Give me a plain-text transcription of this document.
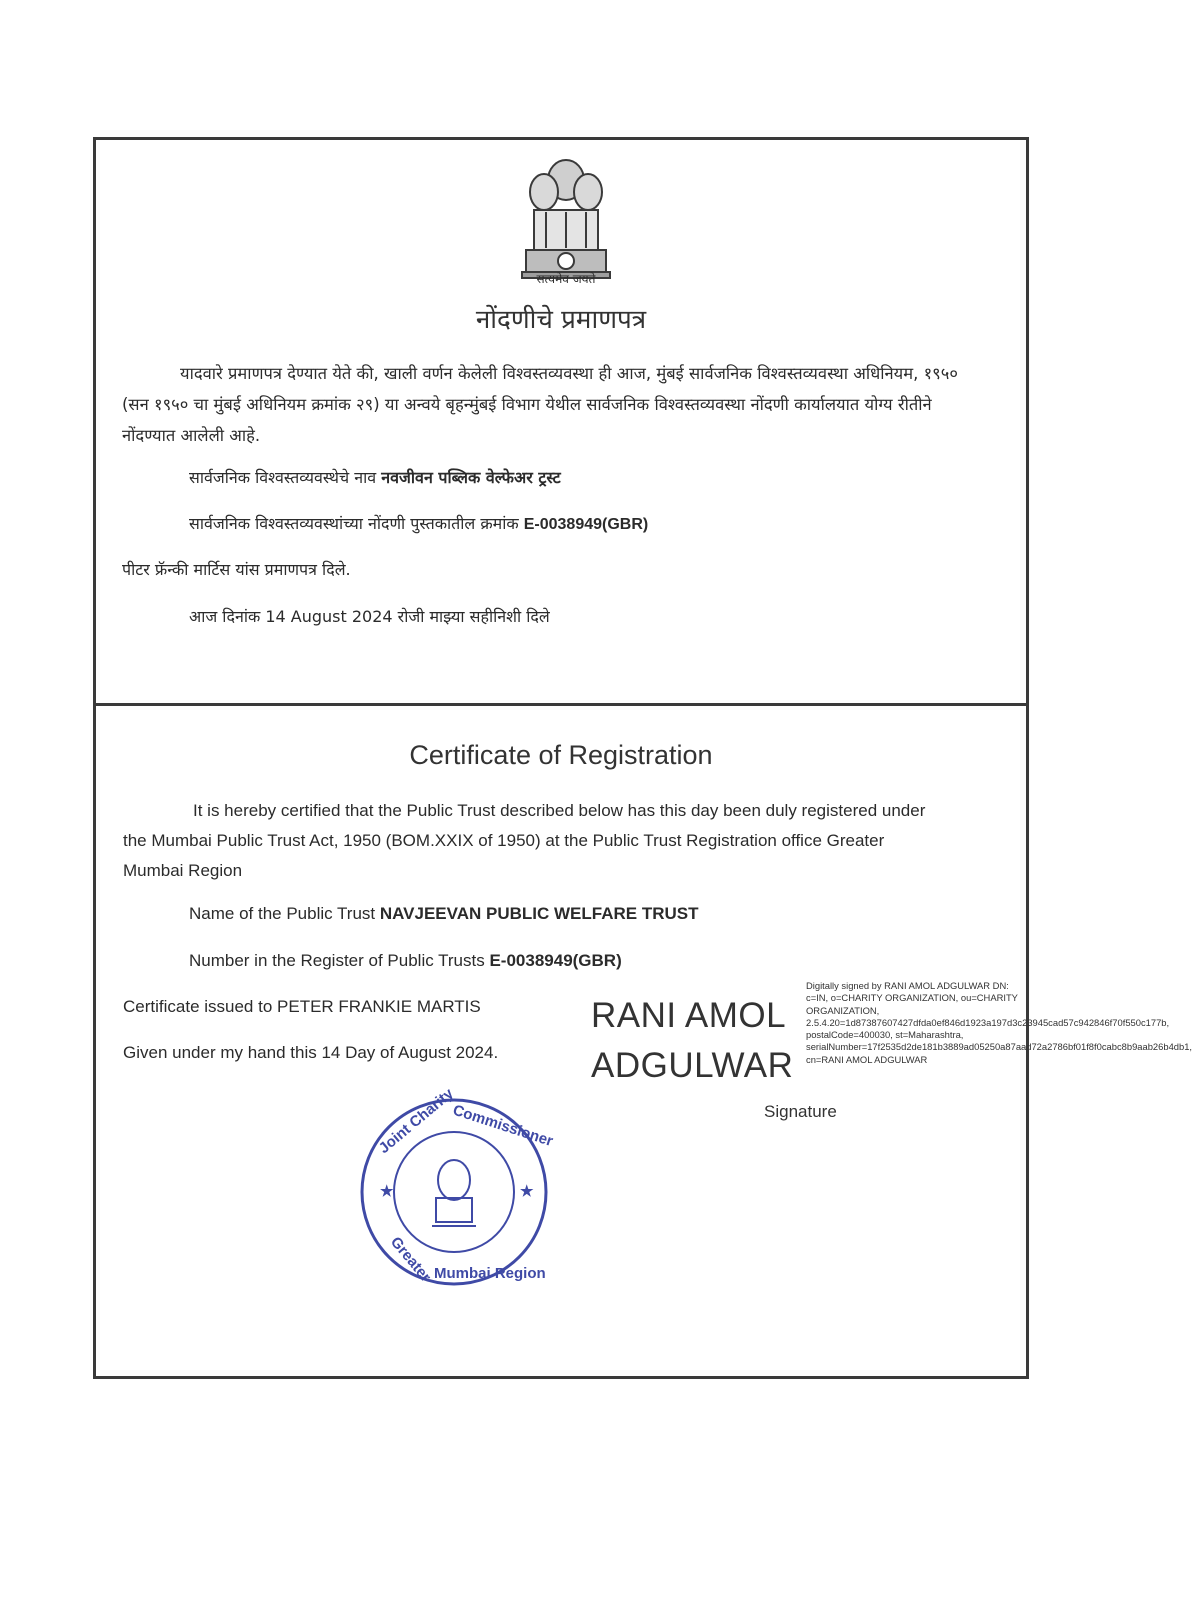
सत्यमेव जयते
नोंदणीचे प्रमाणपत्र
यादवारे प्रमाणपत्र देण्यात येते की, खाली वर्णन केलेली विश्वस्तव्यवस्था ही आज, मुंबई सार्वजनिक विश्वस्तव्यवस्था अधिनियम, १९५० (सन १९५० चा मुंबई अधिनियम क्रमांक २९) या अन्वये बृहन्मुंबई विभाग येथील सार्वजनिक विश्वस्तव्यवस्था नोंदणी कार्यालयात योग्य रीतीने नोंदण्यात आलेली आहे.
सार्वजनिक विश्वस्तव्यवस्थेचे नाव नवजीवन पब्लिक वेल्फेअर ट्रस्ट
सार्वजनिक विश्वस्तव्यवस्थांच्या नोंदणी पुस्तकातील क्रमांक E-0038949(GBR)
पीटर फ्रॅन्की मार्टिस यांस प्रमाणपत्र दिले.
आज दिनांक 14 August 2024 रोजी माझ्या सहीनिशी दिले
Certificate of Registration
It is hereby certified that the Public Trust described below has this day been duly registered under the Mumbai Public Trust Act, 1950 (BOM.XXIX of 1950) at the Public Trust Registration office Greater Mumbai Region
Name of the Public Trust NAVJEEVAN PUBLIC WELFARE TRUST
Number in the Register of Public Trusts E-0038949(GBR)
Certificate issued to PETER FRANKIE MARTIS
Given under my hand this 14 Day of August 2024.
RANI AMOL
ADGULWAR
Digitally signed by RANI AMOL ADGULWAR DN: c=IN, o=CHARITY ORGANIZATION, ou=CHARITY ORGANIZATION, 2.5.4.20=1d87387607427dfda0ef846d1923a197d3c23945cad57c942846f70f550c177b, postalCode=400030, st=Maharashtra, serialNumber=17f2535d2de181b3889ad05250a87aad72a2786bf01f8f0cabc8b9aab26b4db1, cn=RANI AMOL ADGULWAR
Signature
Joint Charity
Commissioner
Greater Mumbai Region
★	★
